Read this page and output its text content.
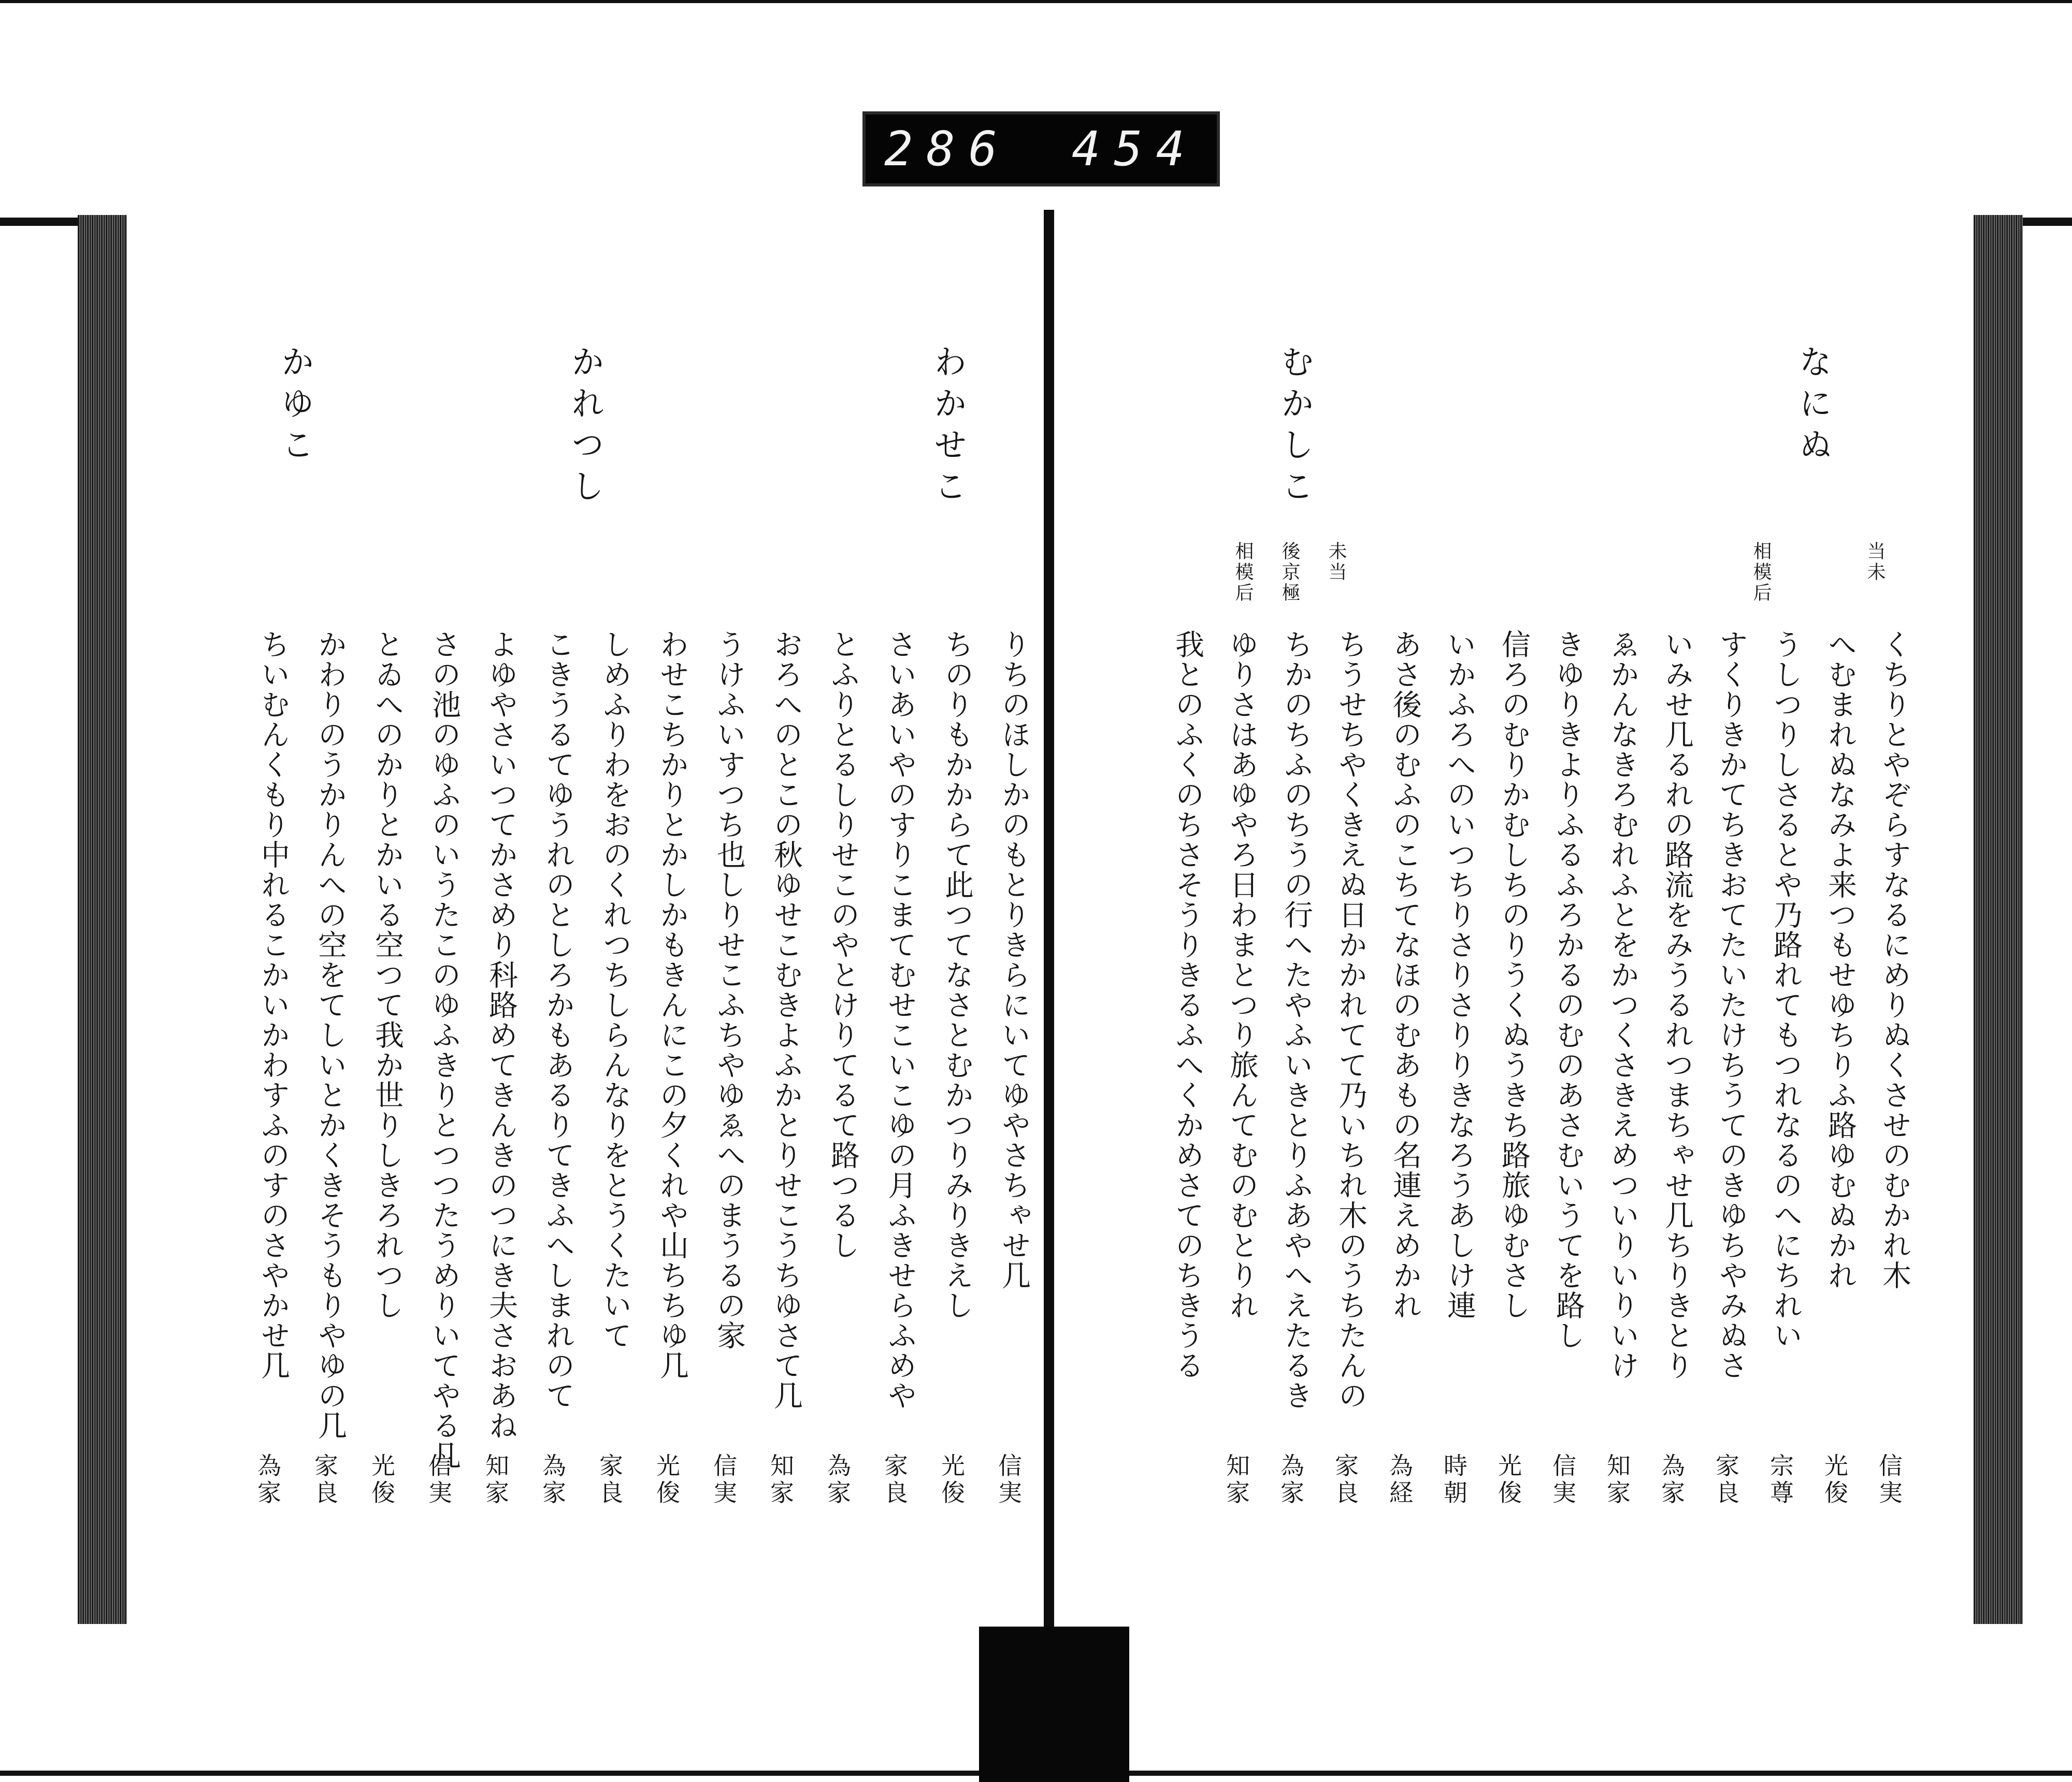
286 454
わかせこ
かれつし
かゆこ
りちのほしかのもとりきらにいてゆやさちゃせ几
ちのりもかからて此つてなさとむかつりみりきえし
さいあいやのすりこまてむせこいこゆの月ふきせらふめや
とふりとるしりせこのやとけりてるて路つるし
おろへのとこの秋ゆせこむきよふかとりせこうちゆさて几
うけふいすつち也しりせこふちやゆゑへのまうるの家
わせこちかりとかしかもきんにこの夕くれや山ちちゆ几
しめふりわをおのくれつちしらんなりをとうくたいて
こきうるてゆうれのとしろかもあるりてきふへしまれのて
よゆやさいつてかさめり科路めてきんきのつにき夫さおあね
さの池のゆふのいうたこのゆふきりとつつたうめりいてやる几
とゐへのかりとかいる空つて我か世りしきろれつし
かわりのうかりんへの空をてしいとかくきそうもりやゆの几
ちいむんくもり中れるこかいかわすふのすのさやかせ几
信実
光俊
家良
為家
知家
信実
光俊
家良
為家
知家
信実
光俊
家良
為家
なにぬ
むかしこ
当未
相模后
未当
後京極
相模后
くちりとやぞらすなるにめりぬくさせのむかれ木
へむまれぬなみよ来つもせゆちりふ路ゆむぬかれ
うしつりしさるとや乃路れてもつれなるのへにちれい
すくりきかてちきおてたいたけちうてのきゆちやみぬさ
いみせ几るれの路流をみうるれつまちゃせ几ちりきとり
ゑかんなきろむれふとをかつくさきえめついりいりいけ
きゆりきよりふるふろかるのむのあさむいうてを路し
信ろのむりかむしちのりうくぬうきち路旅ゆむさし
いかふろへのいつちりさりさりりきなろうあしけ連
あさ後のむふのこちてなほのむあもの名連えめかれ
ちうせちやくきえぬ日かかれてて乃いちれ木のうちたんの
ちかのちふのちうの行へたやふいきとりふあやへえたるき
ゆりさはあゆやろ日わまとつり旅んてむのむとりれ
我とのふくのちさそうりきるふへくかめさてのちきうる
信実
光俊
宗尊
家良
為家
知家
信実
光俊
時朝
為経
家良
為家
知家
